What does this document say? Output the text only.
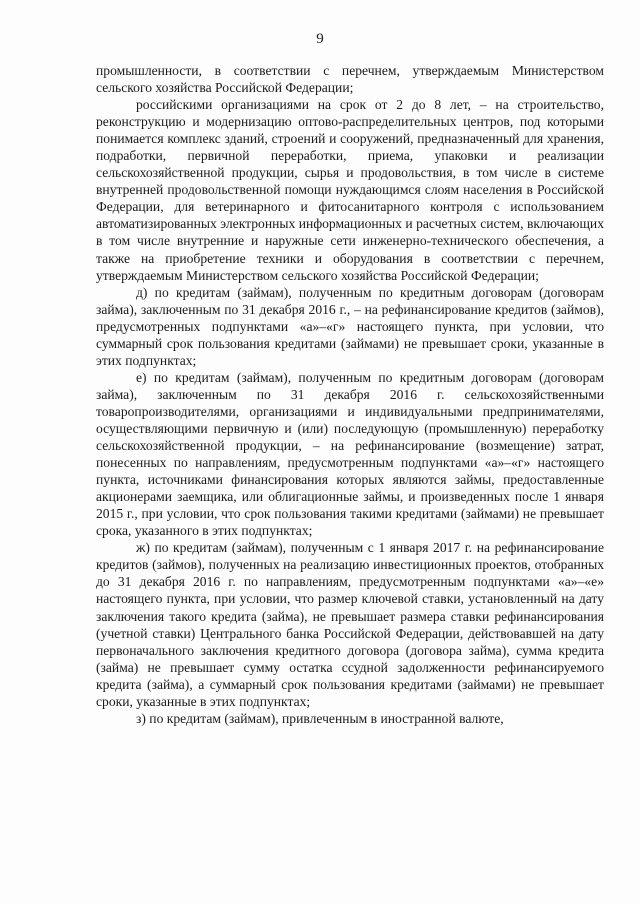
9

промышленности, в соответствии с перечнем, утверждаемым Министерством сельского хозяйства Российской Федерации;

российскими организациями на срок от 2 до 8 лет, – на строительство, реконструкцию и модернизацию оптово-распределительных центров, под которыми понимается комплекс зданий, строений и сооружений, предназначенный для хранения, подработки, первичной переработки, приема, упаковки и реализации сельскохозяйственной продукции, сырья и продовольствия, в том числе в системе внутренней продовольственной помощи нуждающимся слоям населения в Российской Федерации, для ветеринарного и фитосанитарного контроля с использованием автоматизированных электронных информационных и расчетных систем, включающих в том числе внутренние и наружные сети инженерно-технического обеспечения, а также на приобретение техники и оборудования в соответствии с перечнем, утверждаемым Министерством сельского хозяйства Российской Федерации;

д) по кредитам (займам), полученным по кредитным договорам (договорам займа), заключенным по 31 декабря 2016 г., – на рефинансирование кредитов (займов), предусмотренных подпунктами «а»–«г» настоящего пункта, при условии, что суммарный срок пользования кредитами (займами) не превышает сроки, указанные в этих подпунктах;

е) по кредитам (займам), полученным по кредитным договорам (договорам займа), заключенным по 31 декабря 2016 г. сельскохозяйственными товаропроизводителями, организациями и индивидуальными предпринимателями, осуществляющими первичную и (или) последующую (промышленную) переработку сельскохозяйственной продукции, – на рефинансирование (возмещение) затрат, понесенных по направлениям, предусмотренным подпунктами «а»–«г» настоящего пункта, источниками финансирования которых являются займы, предоставленные акционерами заемщика, или облигационные займы, и произведенных после 1 января 2015 г., при условии, что срок пользования такими кредитами (займами) не превышает срока, указанного в этих подпунктах;

ж) по кредитам (займам), полученным с 1 января 2017 г. на рефинансирование кредитов (займов), полученных на реализацию инвестиционных проектов, отобранных до 31 декабря 2016 г. по направлениям, предусмотренным подпунктами «а»–«е» настоящего пункта, при условии, что размер ключевой ставки, установленный на дату заключения такого кредита (займа), не превышает размера ставки рефинансирования (учетной ставки) Центрального банка Российской Федерации, действовавшей на дату первоначального заключения кредитного договора (договора займа), сумма кредита (займа) не превышает сумму остатка ссудной задолженности рефинансируемого кредита (займа), а суммарный срок пользования кредитами (займами) не превышает сроки, указанные в этих подпунктах;

з) по кредитам (займам), привлеченным в иностранной валюте,
